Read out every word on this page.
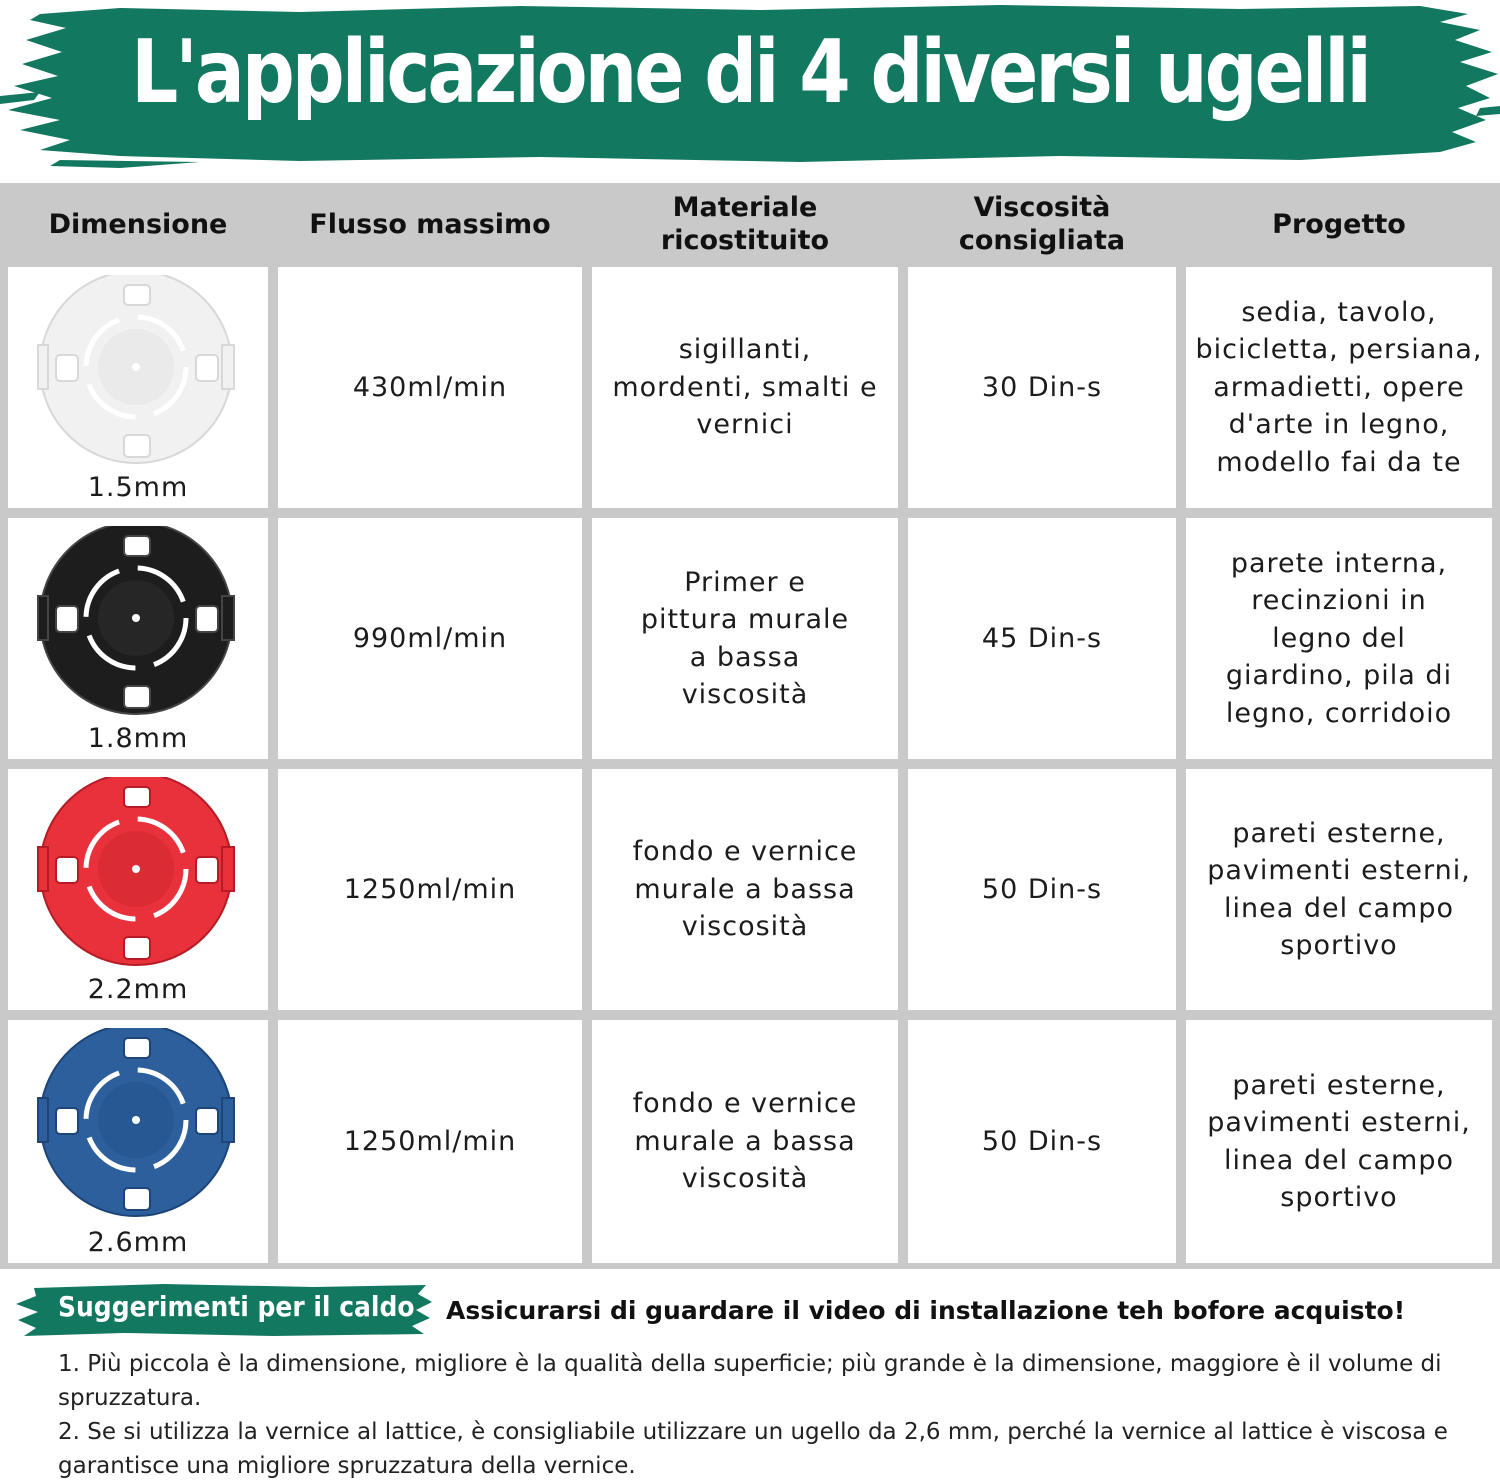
L'applicazione di 4 diversi ugelli
Dimensione	Flusso massimo
Materiale ricostituito
Viscosità consigliata
Progetto
1.5mm
430ml/min
sigillanti, mordenti, smalti e vernici
30 Din-s
sedia, tavolo, bicicletta, persiana, armadietti, opere d'arte in legno, modello fai da te
1.8mm
990ml/min
Primer e pittura murale a bassa viscosità
45 Din-s
parete interna, recinzioni in legno del giardino, pila di legno, corridoio
2.2mm
1250ml/min
fondo e vernice murale a bassa viscosità
50 Din-s
pareti esterne, pavimenti esterni, linea del campo sportivo
2.6mm
1250ml/min
fondo e vernice murale a bassa viscosità
50 Din-s
pareti esterne, pavimenti esterni, linea del campo sportivo
Suggerimenti per il caldo Assicurarsi di guardare il video di installazione teh bofore acquisto!

1. Più piccola è la dimensione, migliore è la qualità della superficie; più grande è la dimensione, maggiore è il volume di spruzzatura.

2. Se si utilizza la vernice al lattice, è consigliabile utilizzare un ugello da 2,6 mm, perché la vernice al lattice è viscosa e garantisce una migliore spruzzatura della vernice.
